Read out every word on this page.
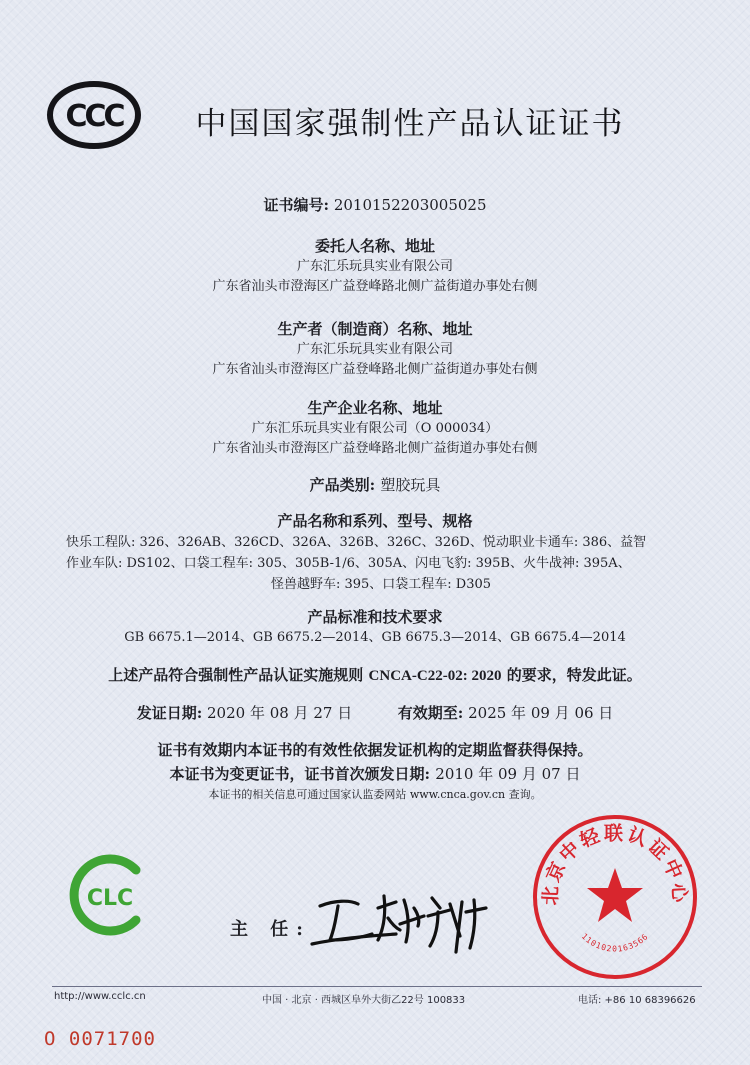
CCC	中国国家强制性产品认证证书
证书编号: 2010152203005025
委托人名称、地址
广东汇乐玩具实业有限公司
广东省汕头市澄海区广益登峰路北侧广益街道办事处右侧
生产者（制造商）名称、地址
广东汇乐玩具实业有限公司
广东省汕头市澄海区广益登峰路北侧广益街道办事处右侧
生产企业名称、地址
广东汇乐玩具实业有限公司（O 000034）
广东省汕头市澄海区广益登峰路北侧广益街道办事处右侧
产品类别: 塑胶玩具
产品名称和系列、型号、规格
快乐工程队: 326、326AB、326CD、326A、326B、326C、326D、悦动职业卡通车: 386、益智
作业车队: DS102、口袋工程车: 305、305B-1/6、305A、闪电飞豹: 395B、火牛战神: 395A、
怪兽越野车: 395、口袋工程车: D305
产品标准和技术要求
GB 6675.1—2014、GB 6675.2—2014、GB 6675.3—2014、GB 6675.4—2014
上述产品符合强制性产品认证实施规则 CNCA-C22-02: 2020 的要求，特发此证。
发证日期: 2020 年 08 月 27 日	有效期至: 2025 年 09 月 06 日
证书有效期内本证书的有效性依据发证机构的定期监督获得保持。
本证书为变更证书，证书首次颁发日期: 2010 年 09 月 07 日
本证书的相关信息可通过国家认监委网站 www.cnca.gov.cn 查询。
CLC
主 任:
北京中轻联认证中心
1101020163566
http://www.cclc.cn	中国 · 北京 · 西城区阜外大街乙22号 100833	电话: +86 10 68396626
O 0071700
